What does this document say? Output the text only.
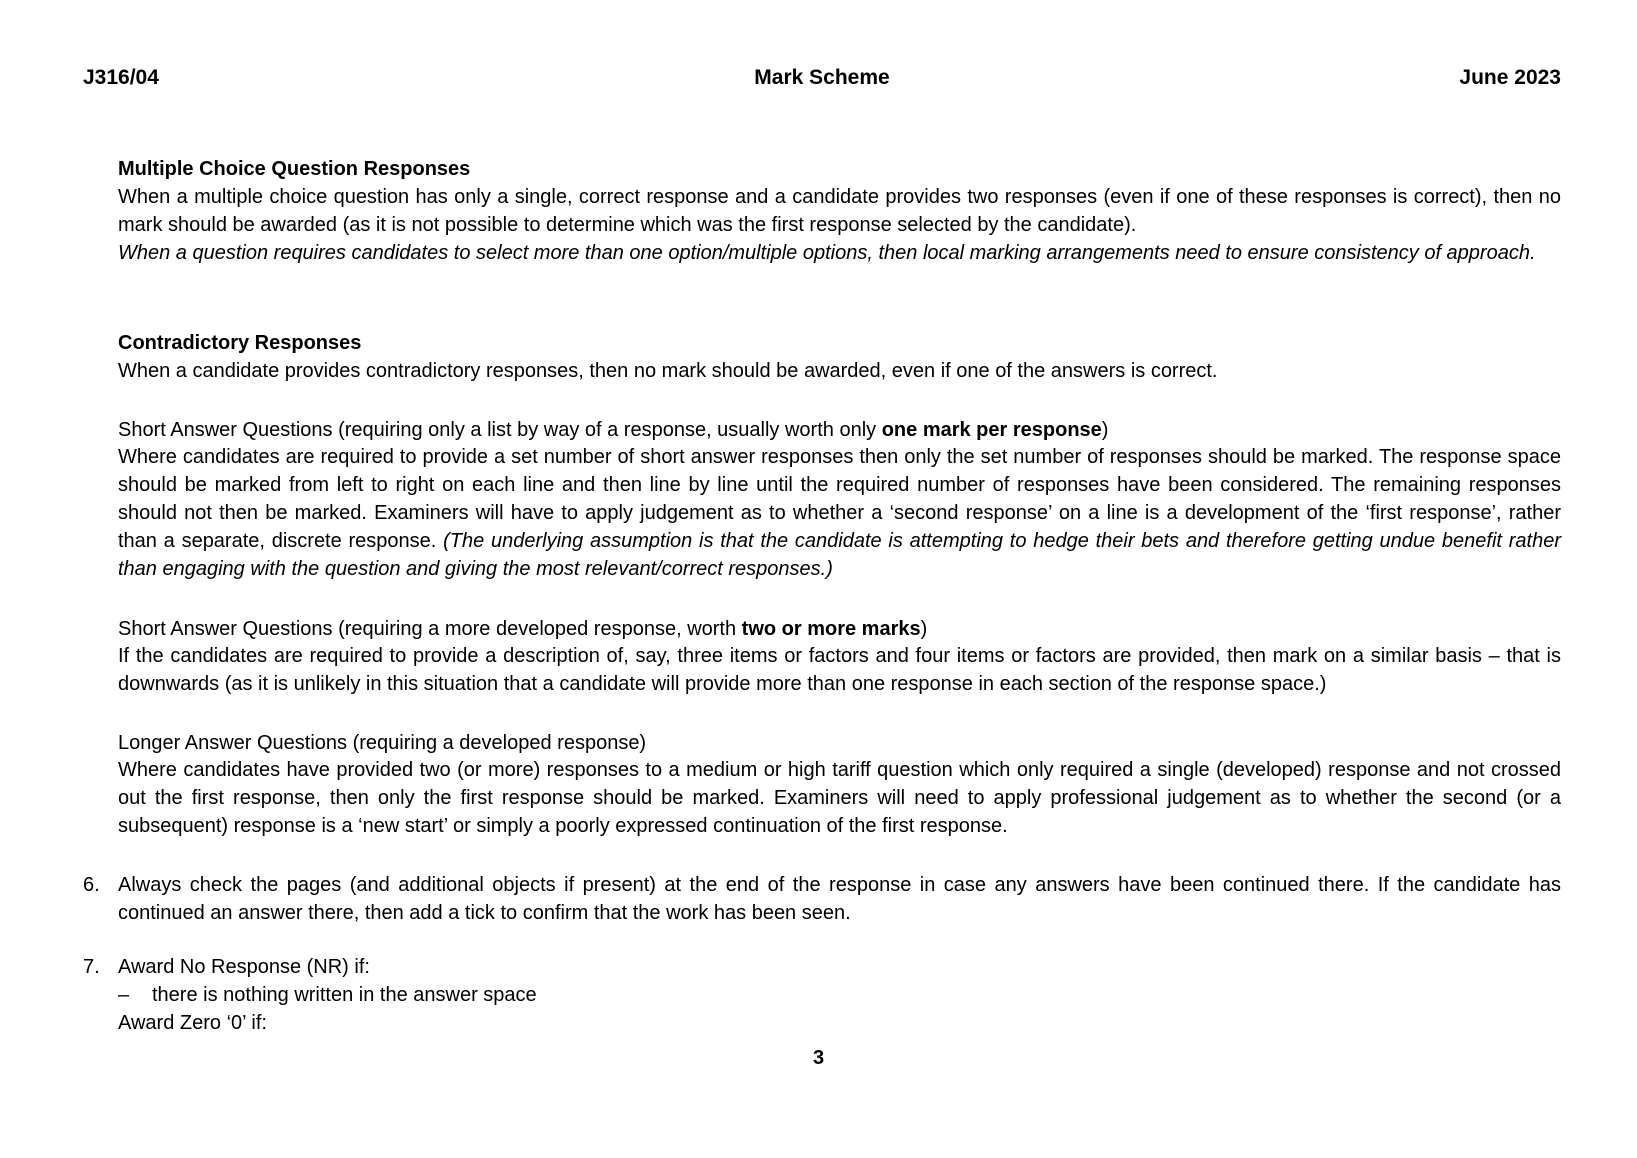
J316/04	Mark Scheme	June 2023

Multiple Choice Question Responses

When a multiple choice question has only a single, correct response and a candidate provides two responses (even if one of these responses is correct), then no mark should be awarded (as it is not possible to determine which was the first response selected by the candidate).

When a question requires candidates to select more than one option/multiple options, then local marking arrangements need to ensure consistency of approach.

Contradictory Responses

When a candidate provides contradictory responses, then no mark should be awarded, even if one of the answers is correct.

Short Answer Questions (requiring only a list by way of a response, usually worth only one mark per response)

Where candidates are required to provide a set number of short answer responses then only the set number of responses should be marked. The response space should be marked from left to right on each line and then line by line until the required number of responses have been considered. The remaining responses should not then be marked. Examiners will have to apply judgement as to whether a ‘second response’ on a line is a development of the ‘first response’, rather than a separate, discrete response. (The underlying assumption is that the candidate is attempting to hedge their bets and therefore getting undue benefit rather than engaging with the question and giving the most relevant/correct responses.)

Short Answer Questions (requiring a more developed response, worth two or more marks)

If the candidates are required to provide a description of, say, three items or factors and four items or factors are provided, then mark on a similar basis – that is downwards (as it is unlikely in this situation that a candidate will provide more than one response in each section of the response space.)

Longer Answer Questions (requiring a developed response)

Where candidates have provided two (or more) responses to a medium or high tariff question which only required a single (developed) response and not crossed out the first response, then only the first response should be marked. Examiners will need to apply professional judgement as to whether the second (or a subsequent) response is a ‘new start’ or simply a poorly expressed continuation of the first response.

6. Always check the pages (and additional objects if present) at the end of the response in case any answers have been continued there. If the candidate has continued an answer there, then add a tick to confirm that the work has been seen.

7. Award No Response (NR) if:

– there is nothing written in the answer space

Award Zero ‘0’ if:

3
